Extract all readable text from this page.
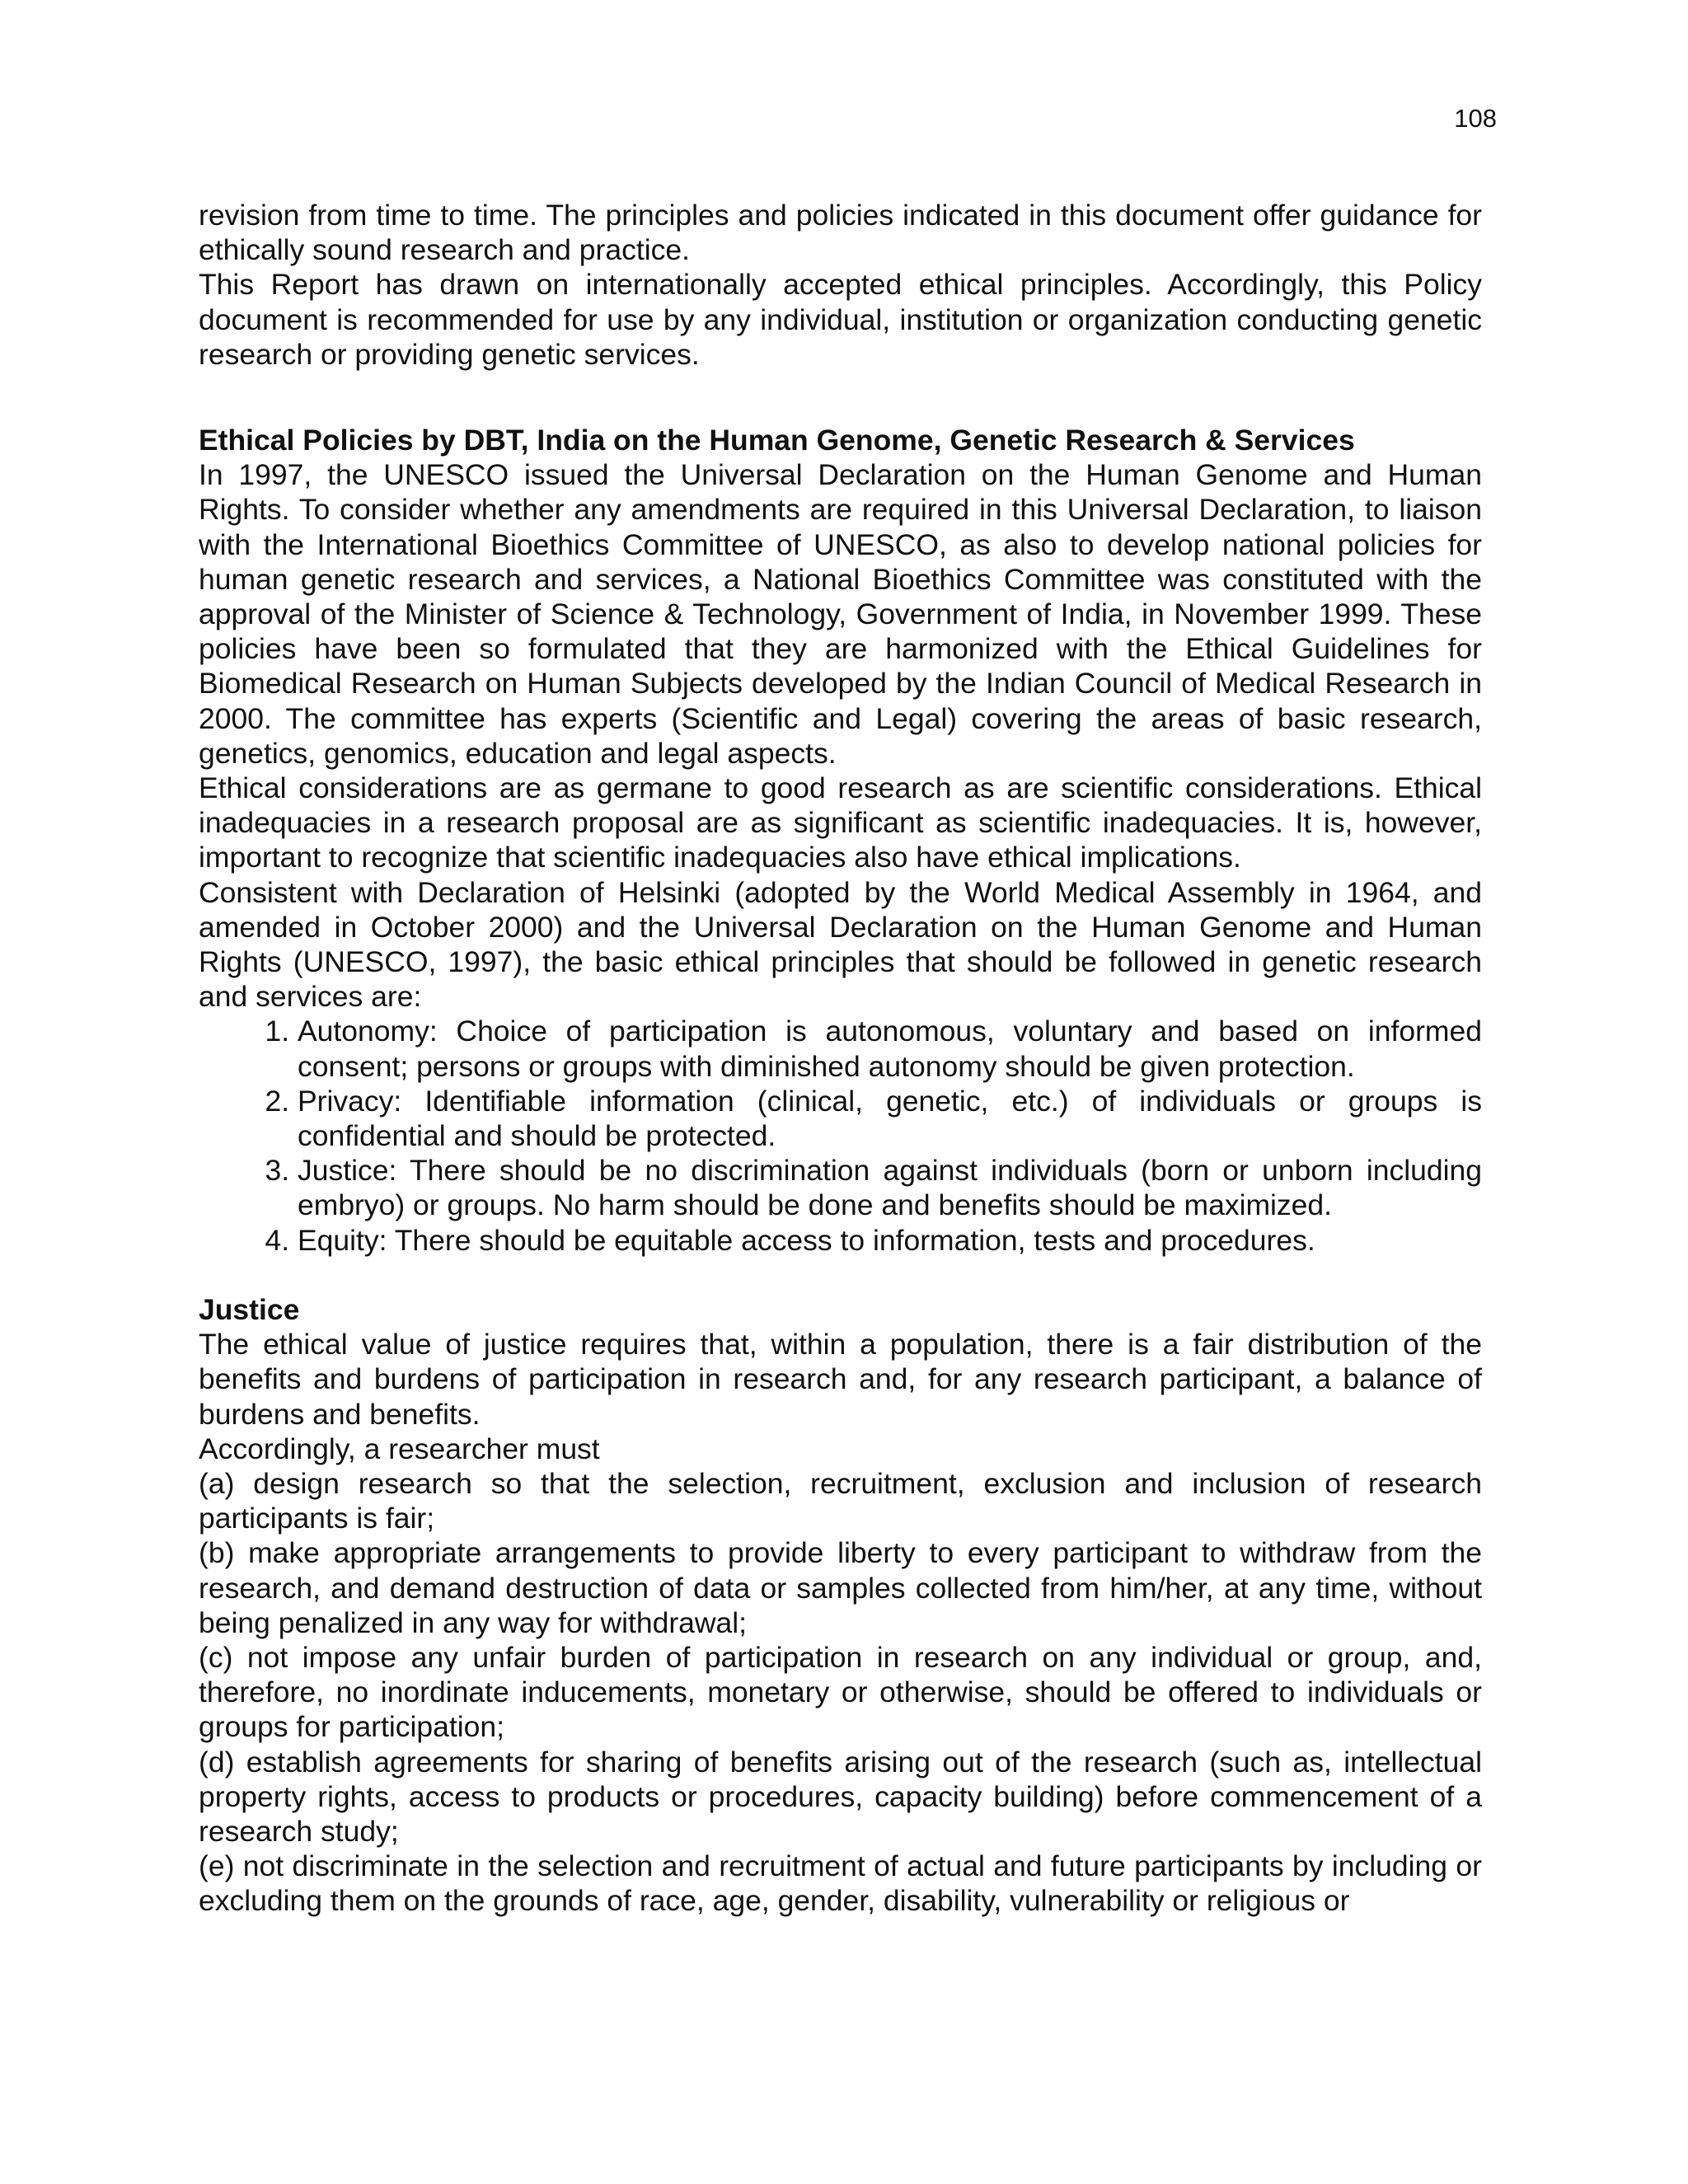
108

revision from time to time. The principles and policies indicated in this document offer guidance for ethically sound research and practice.

This Report has drawn on internationally accepted ethical principles. Accordingly, this Policy document is recommended for use by any individual, institution or organization conducting genetic research or providing genetic services.

Ethical Policies by DBT, India on the Human Genome, Genetic Research & Services

In 1997, the UNESCO issued the Universal Declaration on the Human Genome and Human Rights. To consider whether any amendments are required in this Universal Declaration, to liaison with the International Bioethics Committee of UNESCO, as also to develop national policies for human genetic research and services, a National Bioethics Committee was constituted with the approval of the Minister of Science & Technology, Government of India, in November 1999. These policies have been so formulated that they are harmonized with the Ethical Guidelines for Biomedical Research on Human Subjects developed by the Indian Council of Medical Research in 2000. The committee has experts (Scientific and Legal) covering the areas of basic research, genetics, genomics, education and legal aspects.

Ethical considerations are as germane to good research as are scientific considerations. Ethical inadequacies in a research proposal are as significant as scientific inadequacies. It is, however, important to recognize that scientific inadequacies also have ethical implications.

Consistent with Declaration of Helsinki (adopted by the World Medical Assembly in 1964, and amended in October 2000) and the Universal Declaration on the Human Genome and Human Rights (UNESCO, 1997), the basic ethical principles that should be followed in genetic research and services are:

1. Autonomy: Choice of participation is autonomous, voluntary and based on informed consent; persons or groups with diminished autonomy should be given protection.
2. Privacy: Identifiable information (clinical, genetic, etc.) of individuals or groups is confidential and should be protected.
3. Justice: There should be no discrimination against individuals (born or unborn including embryo) or groups. No harm should be done and benefits should be maximized.
4. Equity: There should be equitable access to information, tests and procedures.

Justice

The ethical value of justice requires that, within a population, there is a fair distribution of the benefits and burdens of participation in research and, for any research participant, a balance of burdens and benefits.

Accordingly, a researcher must

(a) design research so that the selection, recruitment, exclusion and inclusion of research participants is fair;

(b) make appropriate arrangements to provide liberty to every participant to withdraw from the research, and demand destruction of data or samples collected from him/her, at any time, without being penalized in any way for withdrawal;

(c) not impose any unfair burden of participation in research on any individual or group, and, therefore, no inordinate inducements, monetary or otherwise, should be offered to individuals or groups for participation;

(d) establish agreements for sharing of benefits arising out of the research (such as, intellectual property rights, access to products or procedures, capacity building) before commencement of a research study;

(e) not discriminate in the selection and recruitment of actual and future participants by including or excluding them on the grounds of race, age, gender, disability, vulnerability or religious or
